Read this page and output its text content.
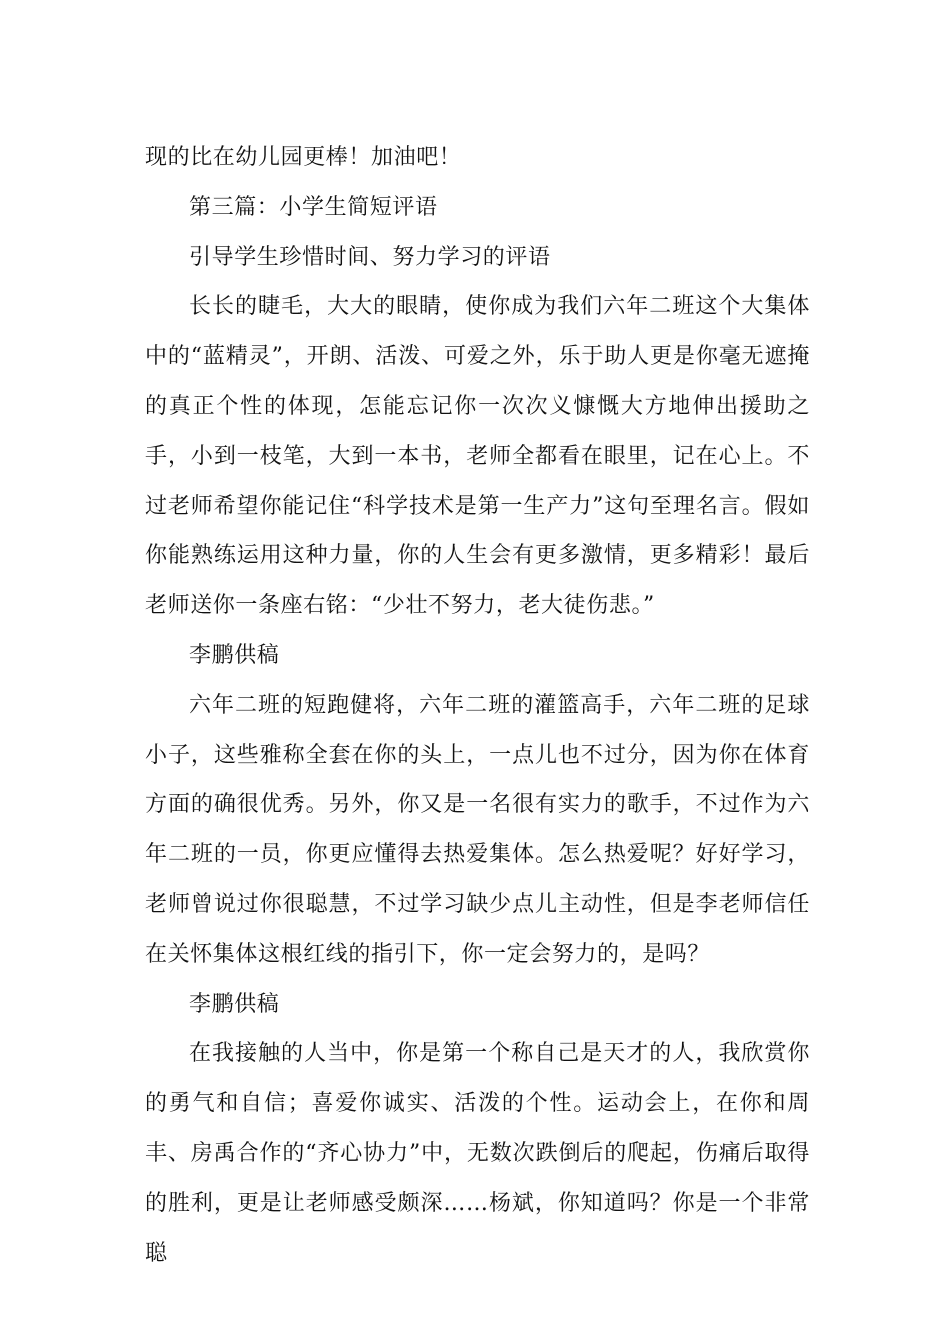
现的比在幼儿园更棒！加油吧！

第三篇：小学生简短评语

引导学生珍惜时间、努力学习的评语

长长的睫毛，大大的眼睛，使你成为我们六年二班这个大集体中的“蓝精灵”，开朗、活泼、可爱之外，乐于助人更是你毫无遮掩的真正个性的体现，怎能忘记你一次次义慷慨大方地伸出援助之手，小到一枝笔，大到一本书，老师全都看在眼里，记在心上。不过老师希望你能记住“科学技术是第一生产力”这句至理名言。假如你能熟练运用这种力量，你的人生会有更多激情，更多精彩！最后老师送你一条座右铭：“少壮不努力，老大徒伤悲。”

李鹏供稿

六年二班的短跑健将，六年二班的灌篮高手，六年二班的足球小子，这些雅称全套在你的头上，一点儿也不过分，因为你在体育方面的确很优秀。另外，你又是一名很有实力的歌手，不过作为六年二班的一员，你更应懂得去热爱集体。怎么热爱呢？好好学习，老师曾说过你很聪慧，不过学习缺少点儿主动性，但是李老师信任在关怀集体这根红线的指引下，你一定会努力的，是吗？

李鹏供稿

在我接触的人当中，你是第一个称自己是天才的人，我欣赏你的勇气和自信；喜爱你诚实、活泼的个性。运动会上，在你和周丰、房禹合作的“齐心协力”中，无数次跌倒后的爬起，伤痛后取得的胜利，更是让老师感受颇深……杨斌，你知道吗？你是一个非常聪
